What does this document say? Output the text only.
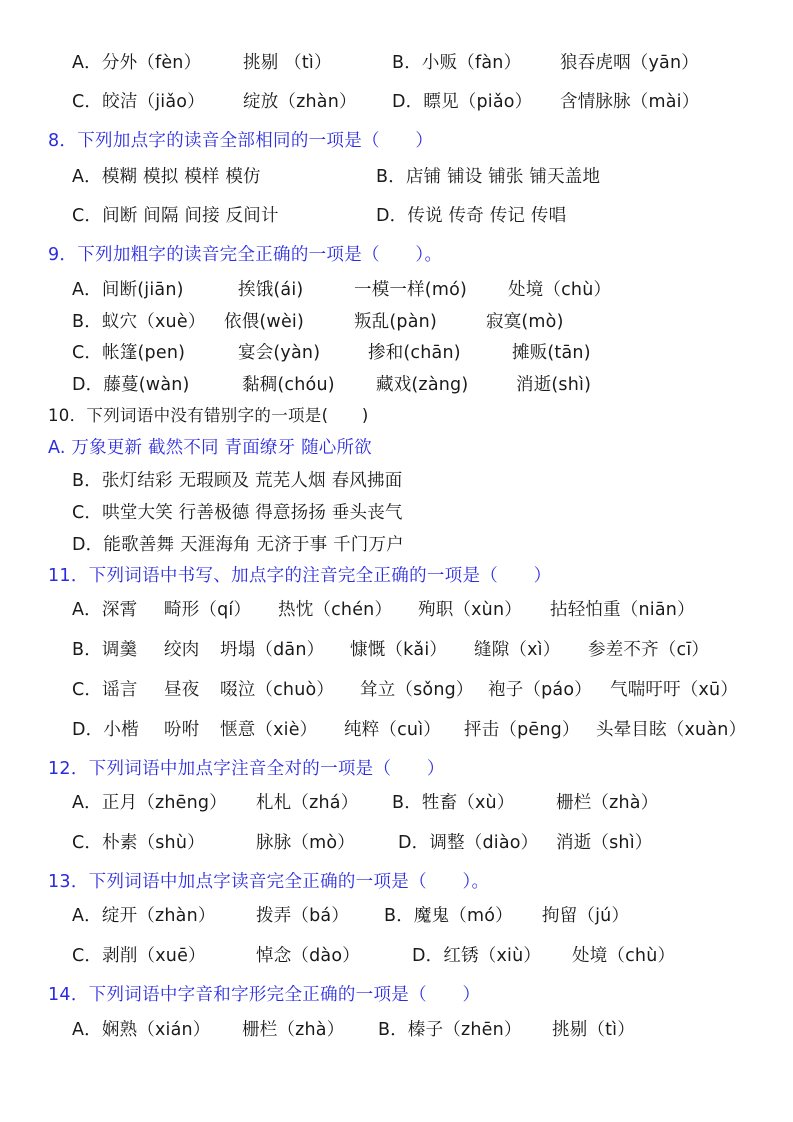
A．分外（fèn） 挑剔 （tì）	B．小贩（fàn） 狼吞虎咽（yān）
C．皎洁（jiǎo） 绽放（zhàn） D．瞟见（piǎo） 含情脉脉（mài）
8．下列加点字的读音全部相同的一项是（　　）
A．模糊 模拟 模样 模仿	B．店铺 铺设 铺张 铺天盖地
C．间断 间隔 间接 反间计	D．传说 传奇 传记 传唱
9．下列加粗字的读音完全正确的一项是（　　）。
A．间断(jiān)	挨饿(ái)	一模一样(mó) 处境（chù）
B．蚁穴（xuè） 依偎(wèi)	叛乱(pàn)	寂寞(mò)
C．帐篷(pen)	宴会(yàn)	掺和(chān)	摊贩(tān)
D．藤蔓(wàn)	黏稠(chóu) 藏戏(zàng)	消逝(shì)
10．下列词语中没有错别字的一项是(　　)
A. 万象更新 截然不同 青面缭牙 随心所欲
B．张灯结彩 无瑕顾及 荒芜人烟 春风拂面
C．哄堂大笑 行善极德 得意扬扬 垂头丧气
D．能歌善舞 天涯海角 无济于事 千门万户
11．下列词语中书写、加点字的注音完全正确的一项是（　　）
A．深霄 畸形（qí） 热忱（chén） 殉职（xùn） 拈轻怕重（niān）
B．调羹 绞肉 坍塌（dān） 慷慨（kǎi） 缝隙（xì） 参差不齐（cī）
C．谣言 昼夜 啜泣（chuò） 耸立（sǒng） 袍子（páo） 气喘吁吁（xū）
D．小楷 吩咐 惬意（xiè） 纯粹（cuì） 抨击（pēng） 头晕目眩（xuàn）
12．下列词语中加点字注音全对的一项是（　　）
A．正月（zhēng） 札札（zhá） B．牲畜（xù） 栅栏（zhà）
C．朴素（shù）	脉脉（mò） D．调整（diào） 消逝（shì）
13．下列词语中加点字读音完全正确的一项是（　　）。
A．绽开（zhàn） 拨弄（bá） B．魔鬼（mó） 拘留（jú）
C．剥削（xuē）	悼念（dào）	D．红锈（xiù） 处境（chù）
14．下列词语中字音和字形完全正确的一项是（　　）
A．娴熟（xián） 栅栏（zhà） B．榛子（zhēn） 挑剔（tì）
